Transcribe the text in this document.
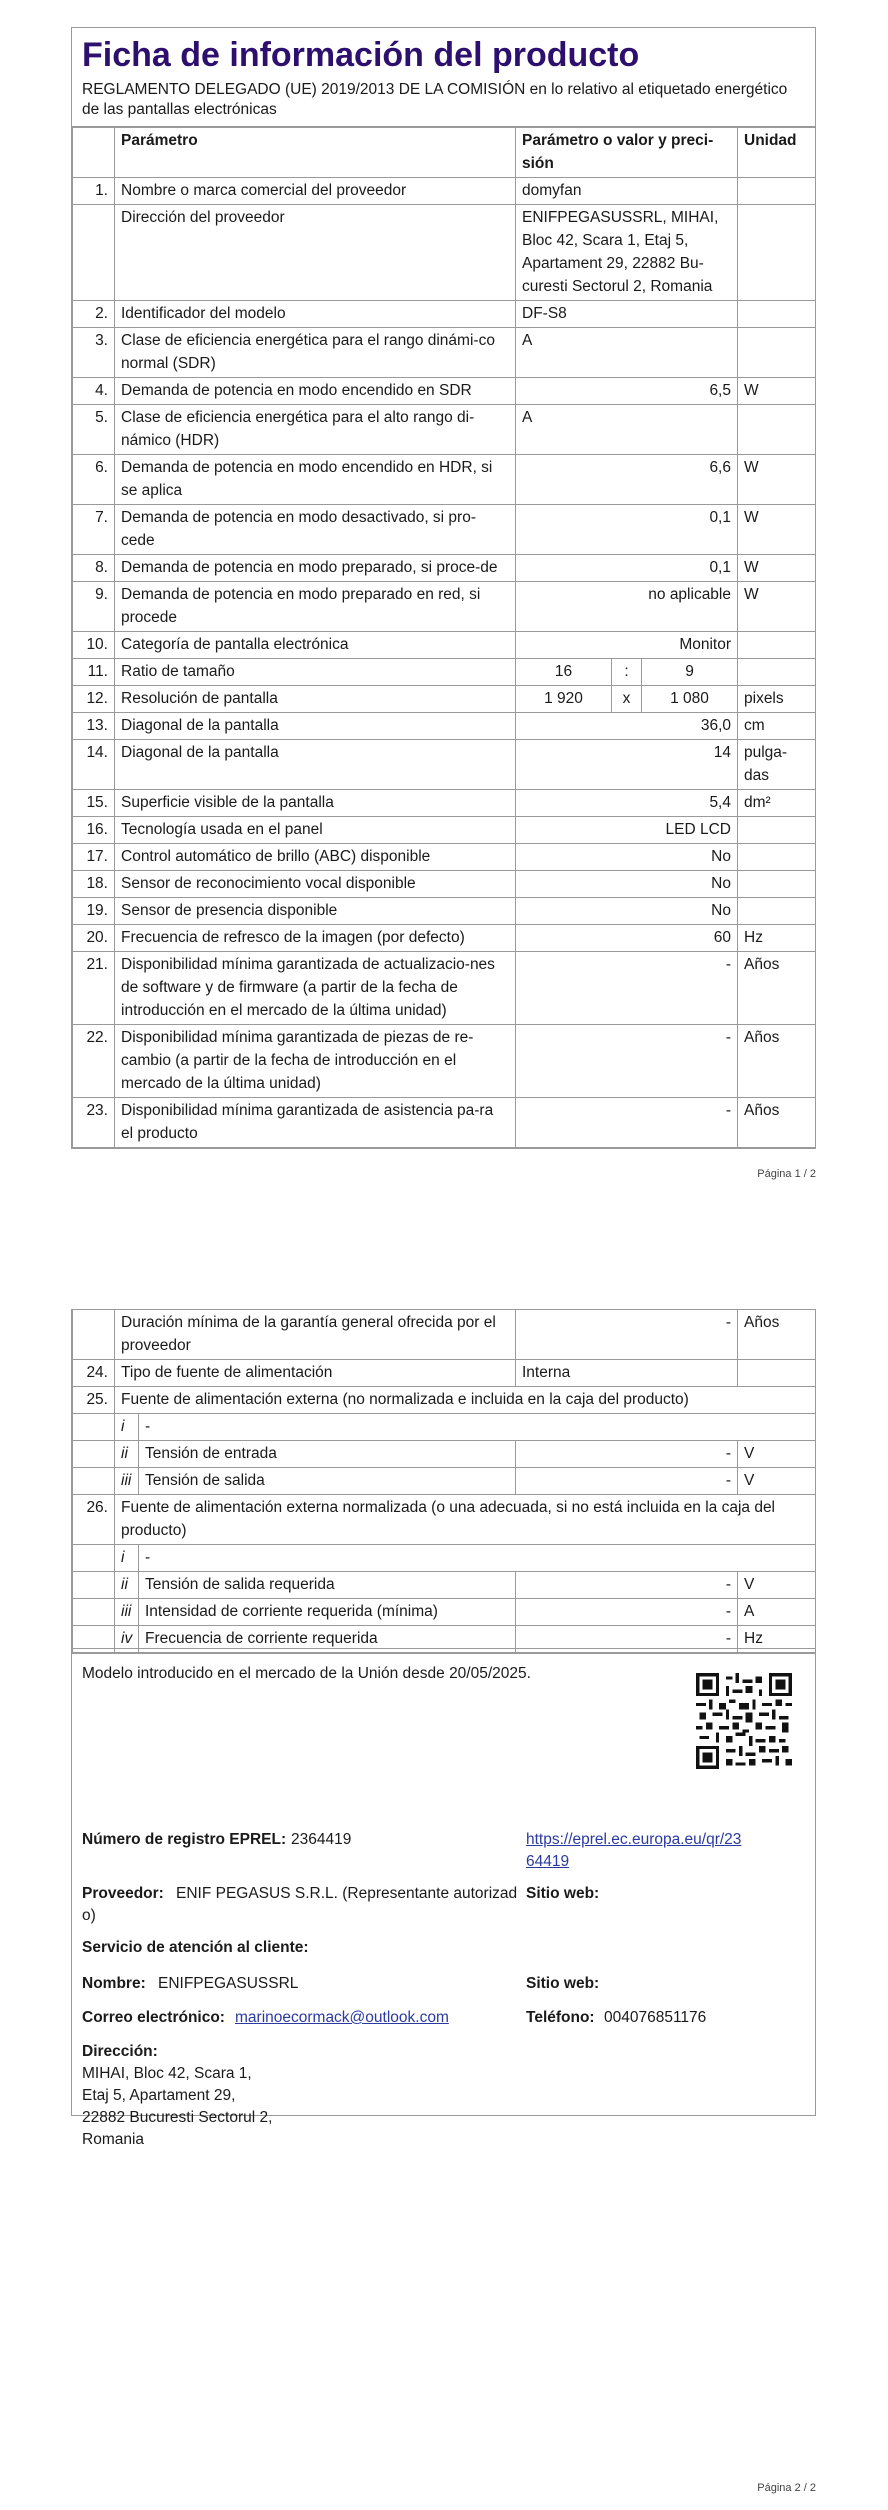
Ficha de información del producto
REGLAMENTO DELEGADO (UE) 2019/2013 DE LA COMISIÓN en lo relativo al etiquetado energético de las pantallas electrónicas
	Parámetro	Parámetro o valor y preci-sión			Unidad
1.	Nombre o marca comercial del proveedor	domyfan			
	Dirección del proveedor	ENIFPEGASUSSRL, MIHAI, Bloc 42, Scara 1, Etaj 5, Apartament 29, 22882 Bu-curesti Sectorul 2, Romania			
2.	Identificador del modelo	DF-S8			
3.	Clase de eficiencia energética para el rango dinámi-co normal (SDR)	A			
4.	Demanda de potencia en modo encendido en SDR	6,5			W
5.	Clase de eficiencia energética para el alto rango di-námico (HDR)	A			
6.	Demanda de potencia en modo encendido en HDR, si se aplica	6,6			W
7.	Demanda de potencia en modo desactivado, si pro-cede	0,1			W
8.	Demanda de potencia en modo preparado, si proce-de	0,1			W
9.	Demanda de potencia en modo preparado en red, si procede	no aplicable			W
10.	Categoría de pantalla electrónica	Monitor			
11.	Ratio de tamaño	16	:	9	
12.	Resolución de pantalla	1 920	x	1 080	pixels
13.	Diagonal de la pantalla	36,0			cm
14.	Diagonal de la pantalla	14			pulga-das
15.	Superficie visible de la pantalla	5,4			dm²
16.	Tecnología usada en el panel	LED LCD			
17.	Control automático de brillo (ABC) disponible	No			
18.	Sensor de reconocimiento vocal disponible	No			
19.	Sensor de presencia disponible	No			
20.	Frecuencia de refresco de la imagen (por defecto)	60			Hz
21.	Disponibilidad mínima garantizada de actualizacio-nes de software y de firmware (a partir de la fecha de introducción en el mercado de la última unidad)	-			Años
22.	Disponibilidad mínima garantizada de piezas de re-cambio (a partir de la fecha de introducción en el mercado de la última unidad)	-			Años
23.	Disponibilidad mínima garantizada de asistencia pa-ra el producto	-			Años
Página 1 / 2
	Duración mínima de la garantía general ofrecida por el proveedor		-	Años
24.	Tipo de fuente de alimentación		Interna	
25.	Fuente de alimentación externa (no normalizada e incluida en la caja del producto)			
	i	-		
	ii	Tensión de entrada	-	V
	iii	Tensión de salida	-	V
26.	Fuente de alimentación externa normalizada (o una adecuada, si no está incluida en la caja del producto)			
	i	-		
	ii	Tensión de salida requerida	-	V
	iii	Intensidad de corriente requerida (mínima)	-	A
	iv	Frecuencia de corriente requerida	-	Hz
Modelo introducido en el mercado de la Unión desde 20/05/2025.
Número de registro EPREL: 2364419	https://eprel.ec.europa.eu/qr/23
64419
Proveedor: ENIF PEGASUS S.R.L. (Representante autorizad
o)
Sitio web:
Servicio de atención al cliente:
Nombre: ENIFPEGASUSSRL	Sitio web:
Correo electrónico: marinoecormack@outlook.com	Teléfono: 004076851176
Dirección:
MIHAI, Bloc 42, Scara 1,
Etaj 5, Apartament 29,
22882 Bucuresti Sectorul 2,
Romania
Página 2 / 2
